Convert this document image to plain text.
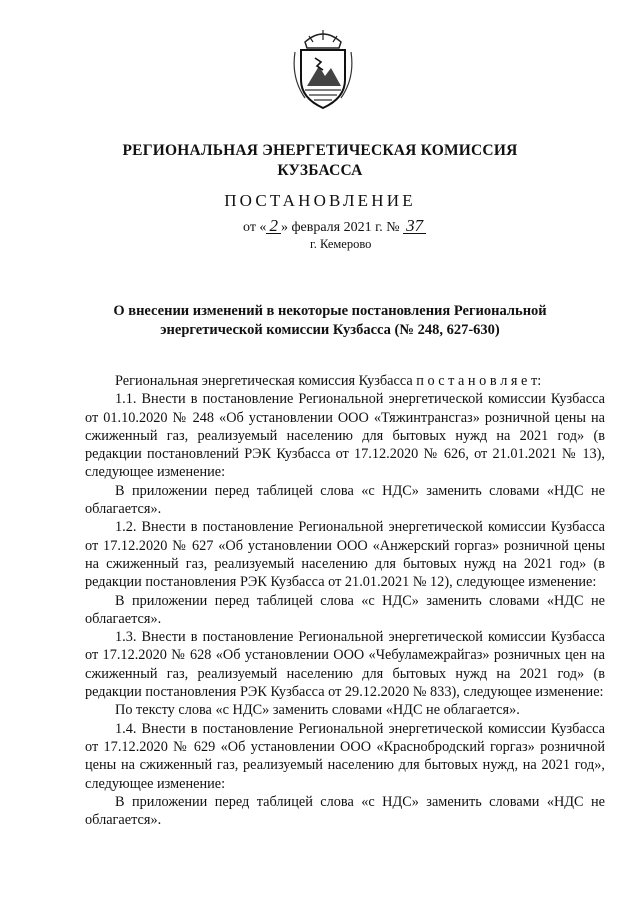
РЕГИОНАЛЬНАЯ ЭНЕРГЕТИЧЕСКАЯ КОМИССИЯ
КУЗБАССА
ПОСТАНОВЛЕНИЕ
от « 2 » февраля 2021 г. № 37
г. Кемерово
О внесении изменений в некоторые постановления Региональной
энергетической комиссии Кузбасса (№ 248, 627-630)

Региональная энергетическая комиссия Кузбасса п о с т а н о в л я е т:

1.1. Внести в постановление Региональной энергетической комиссии Кузбасса от 01.10.2020 № 248 «Об установлении ООО «Тяжинтрансгаз» розничной цены на сжиженный газ, реализуемый населению для бытовых нужд на 2021 год» (в редакции постановлений РЭК Кузбасса от 17.12.2020 № 626, от 21.01.2021 № 13), следующее изменение:

В приложении перед таблицей слова «с НДС» заменить словами «НДС не облагается».

1.2. Внести в постановление Региональной энергетической комиссии Кузбасса от 17.12.2020 № 627 «Об установлении ООО «Анжерский горгаз» розничной цены на сжиженный газ, реализуемый населению для бытовых нужд на 2021 год» (в редакции постановления РЭК Кузбасса от 21.01.2021 № 12), следующее изменение:

В приложении перед таблицей слова «с НДС» заменить словами «НДС не облагается».

1.3. Внести в постановление Региональной энергетической комиссии Кузбасса от 17.12.2020 № 628 «Об установлении ООО «Чебуламежрайгаз» розничных цен на сжиженный газ, реализуемый населению для бытовых нужд на 2021 год» (в редакции постановления РЭК Кузбасса от 29.12.2020 № 833), следующее изменение:

По тексту слова «с НДС» заменить словами «НДС не облагается».

1.4. Внести в постановление Региональной энергетической комиссии Кузбасса от 17.12.2020 № 629 «Об установлении ООО «Краснобродский горгаз» розничной цены на сжиженный газ, реализуемый населению для бытовых нужд, на 2021 год», следующее изменение:

В приложении перед таблицей слова «с НДС» заменить словами «НДС не облагается».
